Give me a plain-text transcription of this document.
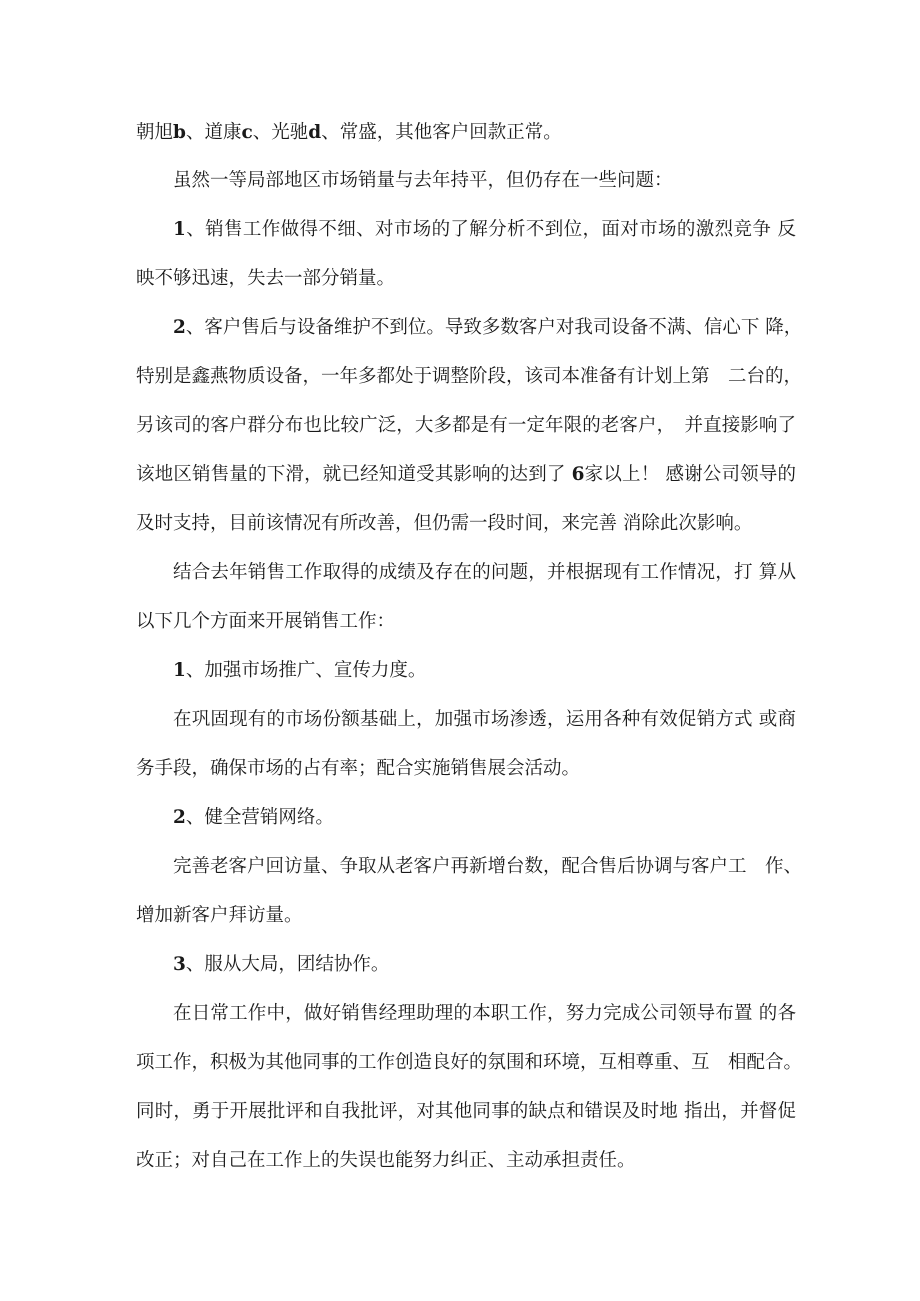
朝旭b、道康c、光驰d、常盛，其他客户回款正常。
虽然一等局部地区市场销量与去年持平，但仍存在一些问题：
1、销售工作做得不细、对市场的了解分析不到位，面对市场的激烈竞争 反
映不够迅速，失去一部分销量。
2、客户售后与设备维护不到位。导致多数客户对我司设备不满、信心下 降，
特别是鑫燕物质设备，一年多都处于调整阶段，该司本准备有计划上第　二台的，
另该司的客户群分布也比较广泛，大多都是有一定年限的老客户，　并直接影响了
该地区销售量的下滑，就已经知道受其影响的达到了 6家以上！ 感谢公司领导的
及时支持，目前该情况有所改善，但仍需一段时间，来完善 消除此次影响。
结合去年销售工作取得的成绩及存在的问题，并根据现有工作情况，打 算从
以下几个方面来开展销售工作：
1、加强市场推广、宣传力度。
在巩固现有的市场份额基础上，加强市场渗透，运用各种有效促销方式 或商
务手段，确保市场的占有率；配合实施销售展会活动。
2、健全营销网络。
完善老客户回访量、争取从老客户再新增台数，配合售后协调与客户工　作、
增加新客户拜访量。
3、服从大局，团结协作。
在日常工作中，做好销售经理助理的本职工作，努力完成公司领导布置 的各
项工作，积极为其他同事的工作创造良好的氛围和环境，互相尊重、互　相配合。
同时，勇于开展批评和自我批评，对其他同事的缺点和错误及时地 指出，并督促
改正；对自己在工作上的失误也能努力纠正、主动承担责任。
